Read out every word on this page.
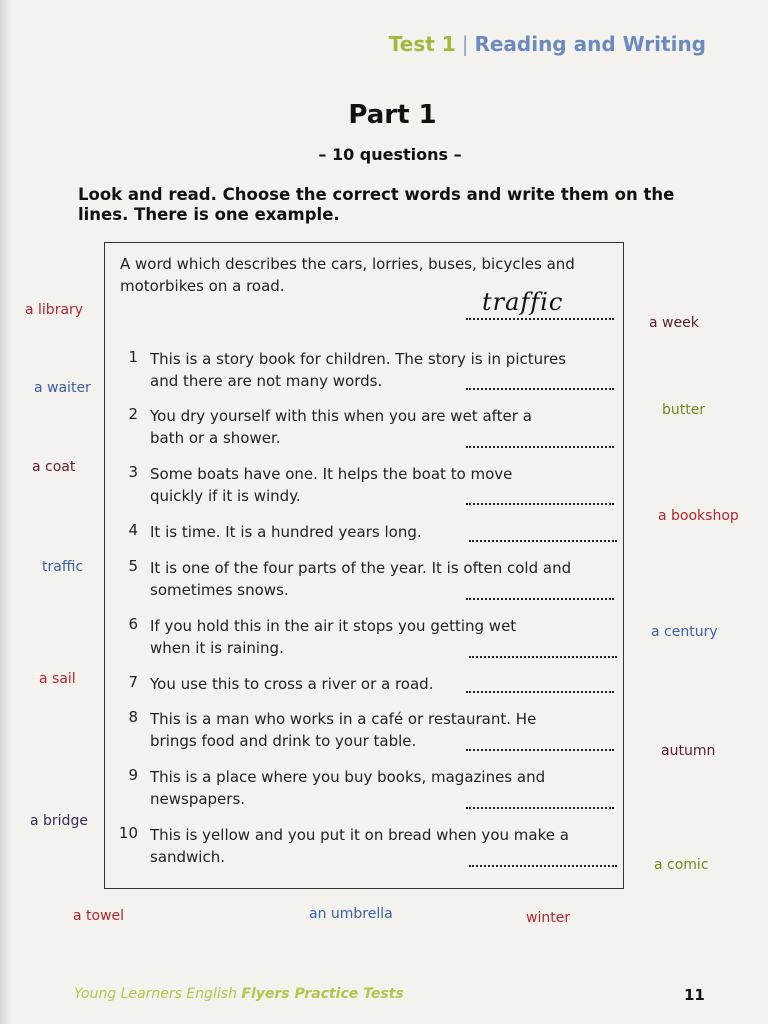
Test 1 | Reading and Writing
Part 1
– 10 questions –
Look and read. Choose the correct words and write them on the lines. There is one example.
A word which describes the cars, lorries, buses, bicycles and motorbikes on a road.
traffic
1 This is a story book for children. The story is in pictures and there are not many words.
2 You dry yourself with this when you are wet after a bath or a shower.
3 Some boats have one. It helps the boat to move quickly if it is windy.
4 It is time. It is a hundred years long.
5 It is one of the four parts of the year. It is often cold and sometimes snows.
6 If you hold this in the air it stops you getting wet when it is raining.
7 You use this to cross a river or a road.
8 This is a man who works in a café or restaurant. He brings food and drink to your table.
9 This is a place where you buy books, magazines and newspapers.
10 This is yellow and you put it on bread when you make a sandwich.
a library
a waiter
a coat
traffic
a sail
a bridge
a towel	an umbrella	winter
a week
butter
a bookshop
a century
autumn
a comic
Young Learners English Flyers Practice Tests	11
